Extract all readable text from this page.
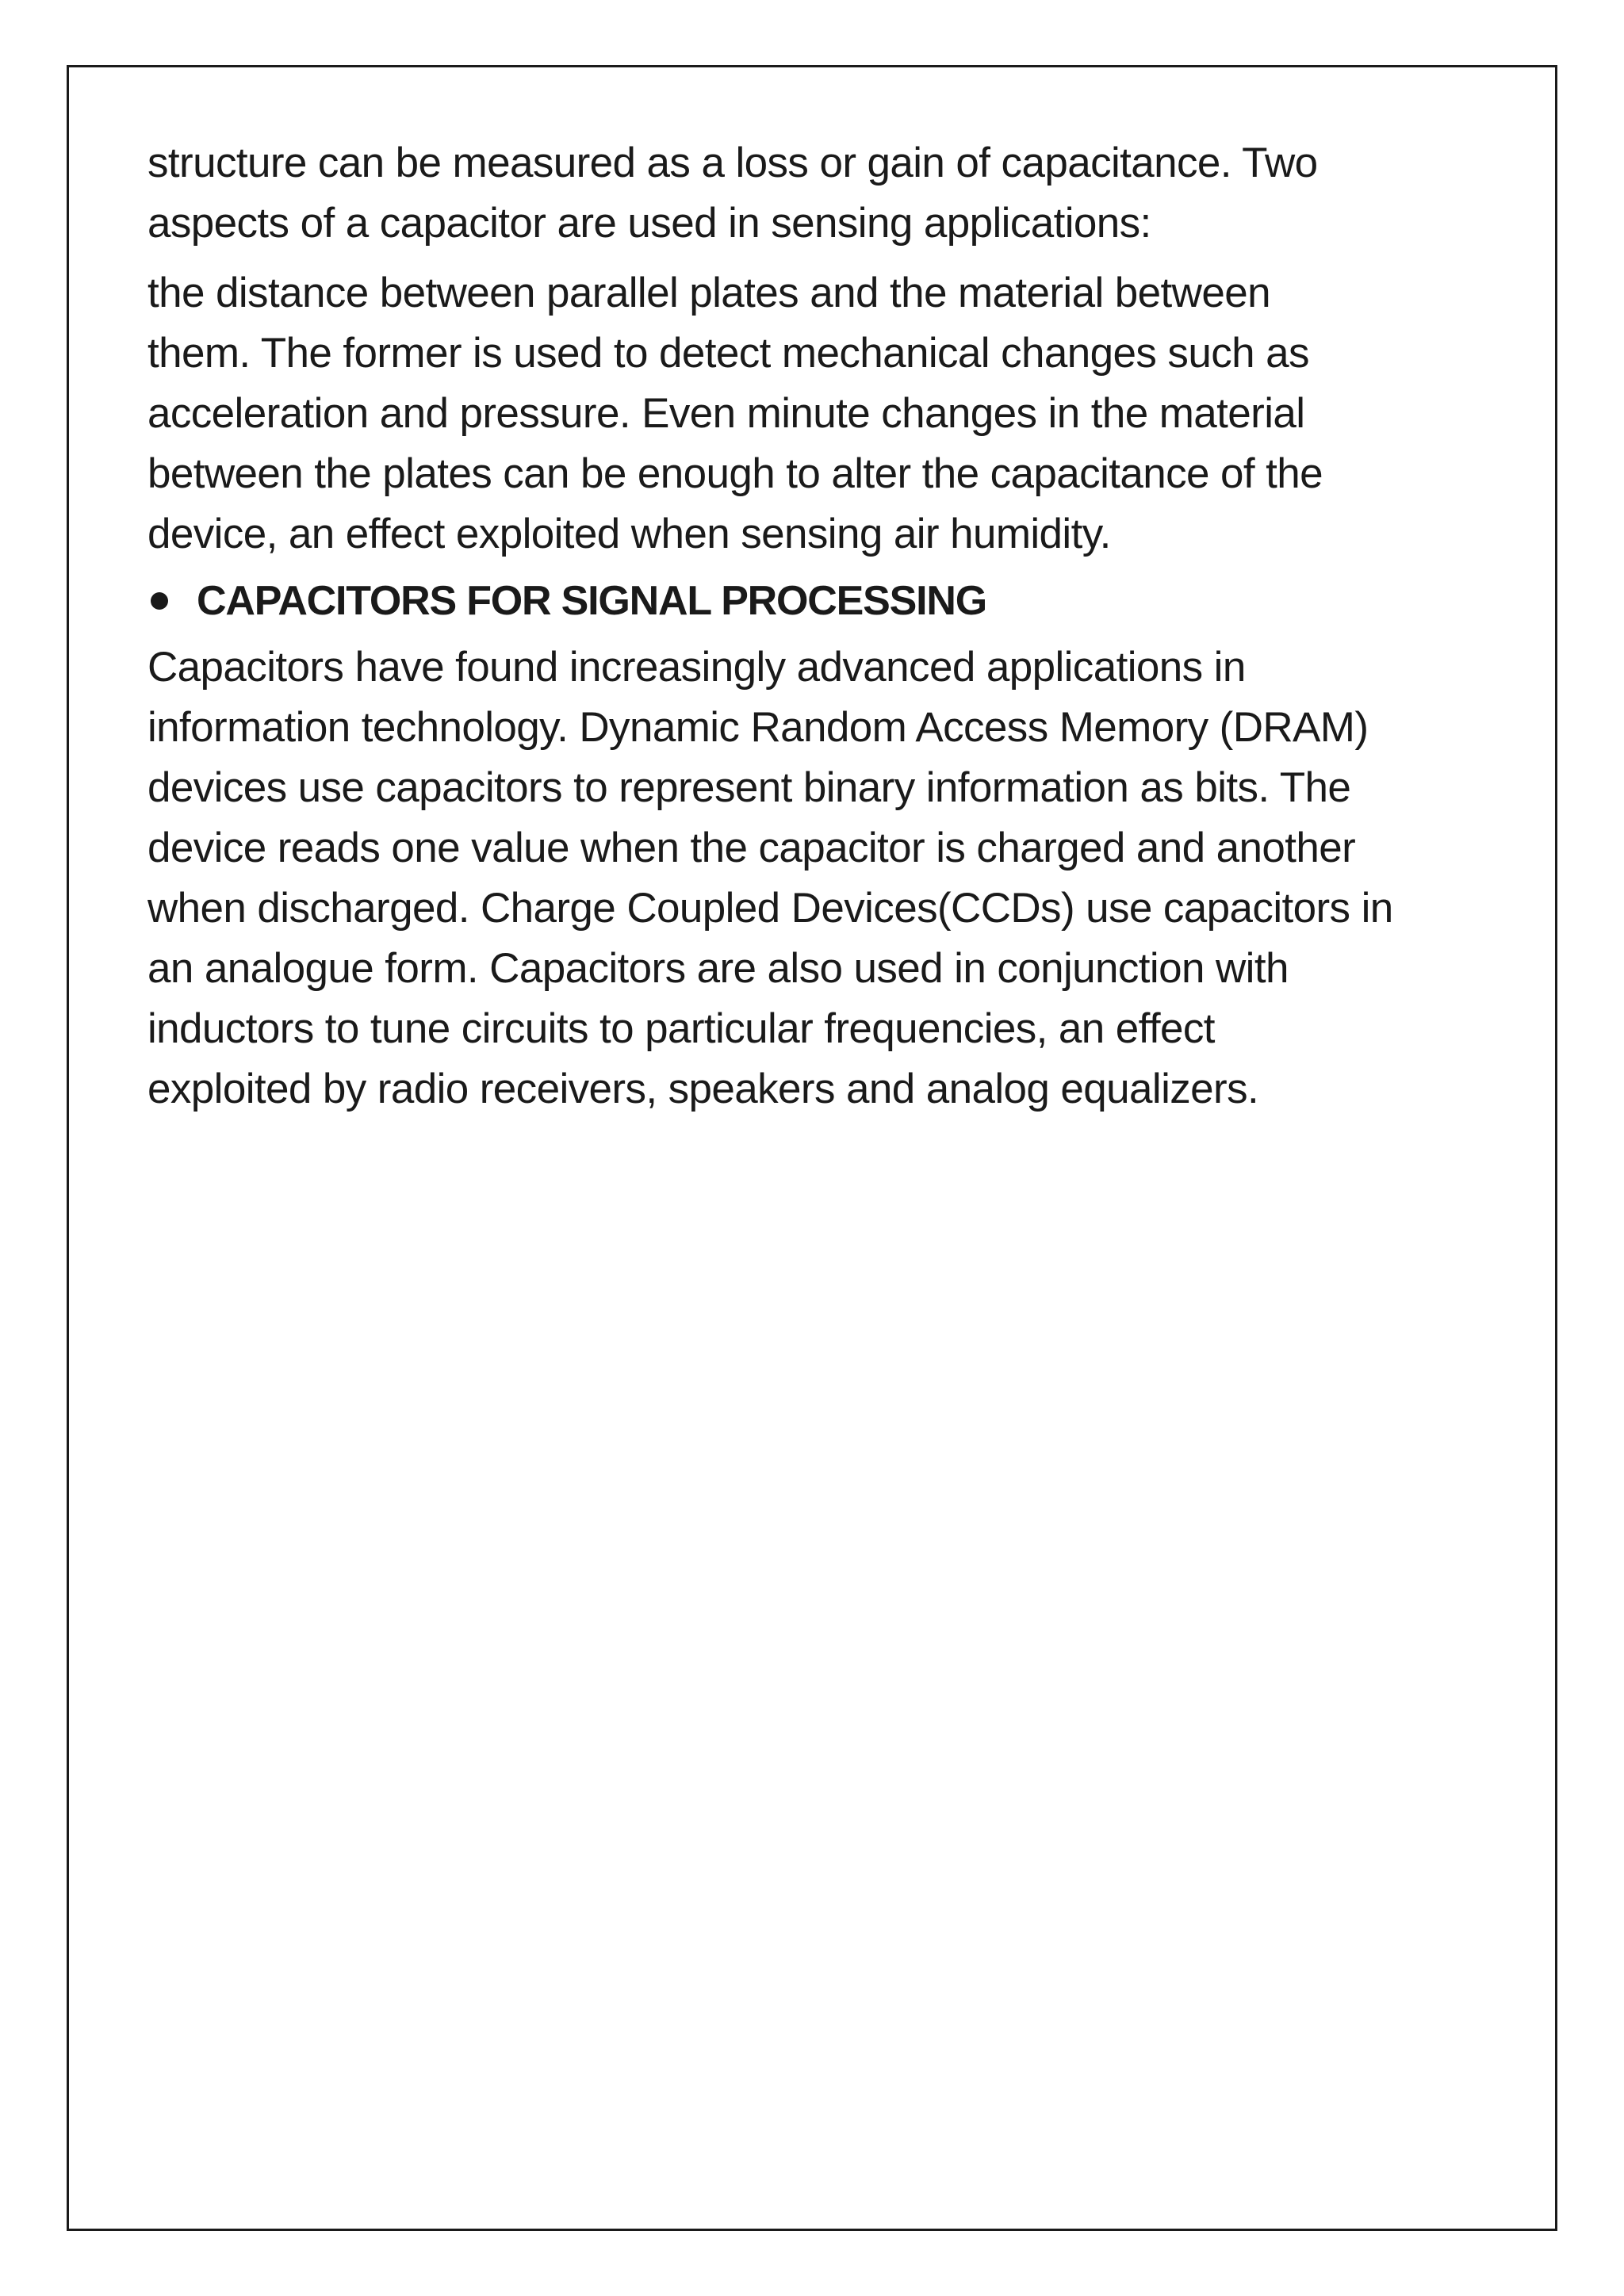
structure can be measured as a loss or gain of capacitance. Two
aspects of a capacitor are used in sensing applications:
the distance between parallel plates and the material between
them. The former is used to detect mechanical changes such as
acceleration and pressure. Even minute changes in the material
between the plates can be enough to alter the capacitance of the
device, an effect exploited when sensing air humidity.
CAPACITORS FOR SIGNAL PROCESSING
Capacitors have found increasingly advanced applications in
information technology. Dynamic Random Access Memory (DRAM)
devices use capacitors to represent binary information as bits. The
device reads one value when the capacitor is charged and another
when discharged. Charge Coupled Devices(CCDs) use capacitors in
an analogue form. Capacitors are also used in conjunction with
inductors to tune circuits to particular frequencies, an effect
exploited by radio receivers, speakers and analog equalizers.
